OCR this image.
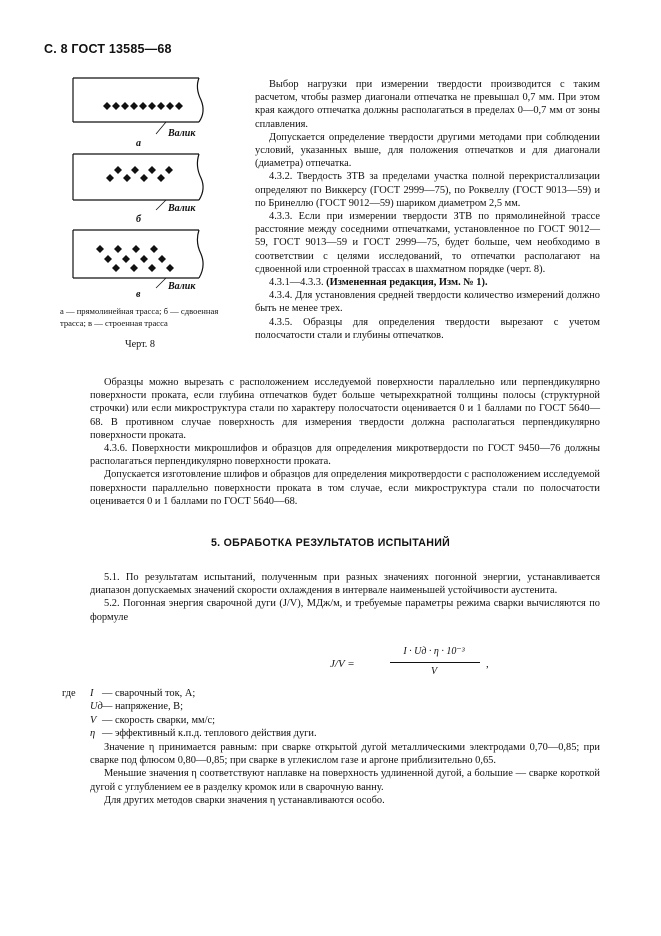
С. 8 ГОСТ 13585—68
Валик
Валик
Валик
а
б
в
а — прямолинейная трасса; б — сдвоенная трасса; в — строенная трасса
Черт. 8

Выбор нагрузки при измерении твердости производится с таким расчетом, чтобы размер диагонали отпечатка не превышал 0,7 мм. При этом края каждого отпечатка должны располагаться в пределах 0—0,7 мм от зоны сплавления.

Допускается определение твердости другими методами при соблюдении условий, указанных выше, для положения отпечатков и для диагонали (диаметра) отпечатка.

4.3.2. Твердость ЗТВ за пределами участка полной перекристаллизации определяют по Виккерсу (ГОСТ 2999—75), по Роквеллу (ГОСТ 9013—59) и по Бринеллю (ГОСТ 9012—59) шариком диаметром 2,5 мм.

4.3.3. Если при измерении твердости ЗТВ по прямолинейной трассе расстояние между соседними отпечатками, установленное по ГОСТ 9012—59, ГОСТ 9013—59 и ГОСТ 2999—75, будет больше, чем необходимо в соответствии с целями исследований, то отпечатки располагают на сдвоенной или строенной трассах в шахматном порядке (черт. 8).

4.3.1—4.3.3. (Измененная редакция, Изм. № 1).

4.3.4. Для установления средней твердости количество измерений должно быть не менее трех.

4.3.5. Образцы для определения твердости вырезают с учетом полосчатости стали и глубины отпечатков.

Образцы можно вырезать с расположением исследуемой поверхности параллельно или перпендикулярно поверхности проката, если глубина отпечатков будет больше четырехкратной толщины полосы (структурной строчки) или если микроструктура стали по характеру полосчатости оценивается 0 и 1 баллами по ГОСТ 5640—68. В противном случае поверхность для измерения твердости должна располагаться перпендикулярно поверхности проката.

4.3.6. Поверхности микрошлифов и образцов для определения микротвердости по ГОСТ 9450—76 должны располагаться перпендикулярно поверхности проката.

Допускается изготовление шлифов и образцов для определения микротвердости с расположением исследуемой поверхности параллельно поверхности проката в том случае, если микроструктура стали по полосчатости оценивается 0 и 1 баллами по ГОСТ 5640—68.

5. ОБРАБОТКА РЕЗУЛЬТАТОВ ИСПЫТАНИЙ

5.1. По результатам испытаний, полученным при разных значениях погонной энергии, устанавливается диапазон допускаемых значений скорости охлаждения в интервале наименьшей устойчивости аустенита.

5.2. Погонная энергия сварочной дуги (J/V), МДж/м, и требуемые параметры режима сварки вычисляются по формуле

J/V =
I · Uд · η · 10⁻³
V
,
где	I — сварочный ток, А;
Uд — напряжение, В;
V — скорость сварки, мм/с;
η — эффективный к.п.д. теплового действия дуги.

Значение η принимается равным: при сварке открытой дугой металлическими электродами 0,70—0,85; при сварке под флюсом 0,80—0,85; при сварке в углекислом газе и аргоне приблизительно 0,65.

Меньшие значения η соответствуют наплавке на поверхность удлиненной дугой, а большие — сварке короткой дугой с углублением ее в разделку кромок или в сварочную ванну.

Для других методов сварки значения η устанавливаются особо.
